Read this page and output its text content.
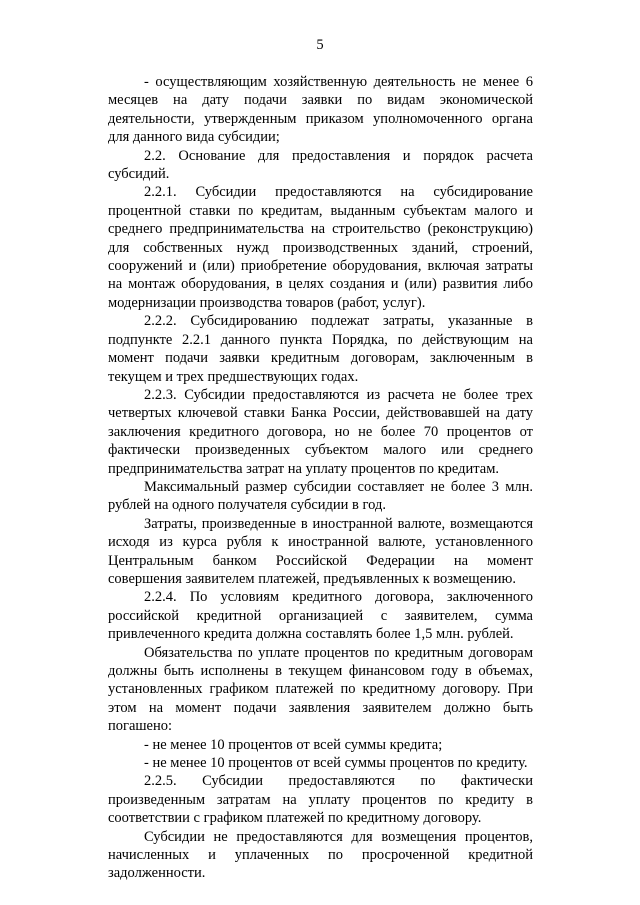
5

- осуществляющим хозяйственную деятельность не менее 6 месяцев на дату подачи заявки по видам экономической деятельности, утвержденным приказом уполномоченного органа для данного вида субсидии;

2.2. Основание для предоставления и порядок расчета субсидий.

2.2.1. Субсидии предоставляются на субсидирование процентной ставки по кредитам, выданным субъектам малого и среднего предпринимательства на строительство (реконструкцию) для собственных нужд производственных зданий, строений, сооружений и (или) приобретение оборудования, включая затраты на монтаж оборудования, в целях создания и (или) развития либо модернизации производства товаров (работ, услуг).

2.2.2. Субсидированию подлежат затраты, указанные в подпункте 2.2.1 данного пункта Порядка, по действующим на момент подачи заявки кредитным договорам, заключенным в текущем и трех предшествующих годах.

2.2.3. Субсидии предоставляются из расчета не более трех четвертых ключевой ставки Банка России, действовавшей на дату заключения кредитного договора, но не более 70 процентов от фактически произведенных субъектом малого или среднего предпринимательства затрат на уплату процентов по кредитам.

Максимальный размер субсидии составляет не более 3 млн. рублей на одного получателя субсидии в год.

Затраты, произведенные в иностранной валюте, возмещаются исходя из курса рубля к иностранной валюте, установленного Центральным банком Российской Федерации на момент совершения заявителем платежей, предъявленных к возмещению.

2.2.4. По условиям кредитного договора, заключенного российской кредитной организацией с заявителем, сумма привлеченного кредита должна составлять более 1,5 млн. рублей.

Обязательства по уплате процентов по кредитным договорам должны быть исполнены в текущем финансовом году в объемах, установленных графиком платежей по кредитному договору. При этом на момент подачи заявления заявителем должно быть погашено:

- не менее 10 процентов от всей суммы кредита;

- не менее 10 процентов от всей суммы процентов по кредиту.

2.2.5. Субсидии предоставляются по фактически произведенным затратам на уплату процентов по кредиту в соответствии с графиком платежей по кредитному договору.

Субсидии не предоставляются для возмещения процентов, начисленных и уплаченных по просроченной кредитной задолженности.
